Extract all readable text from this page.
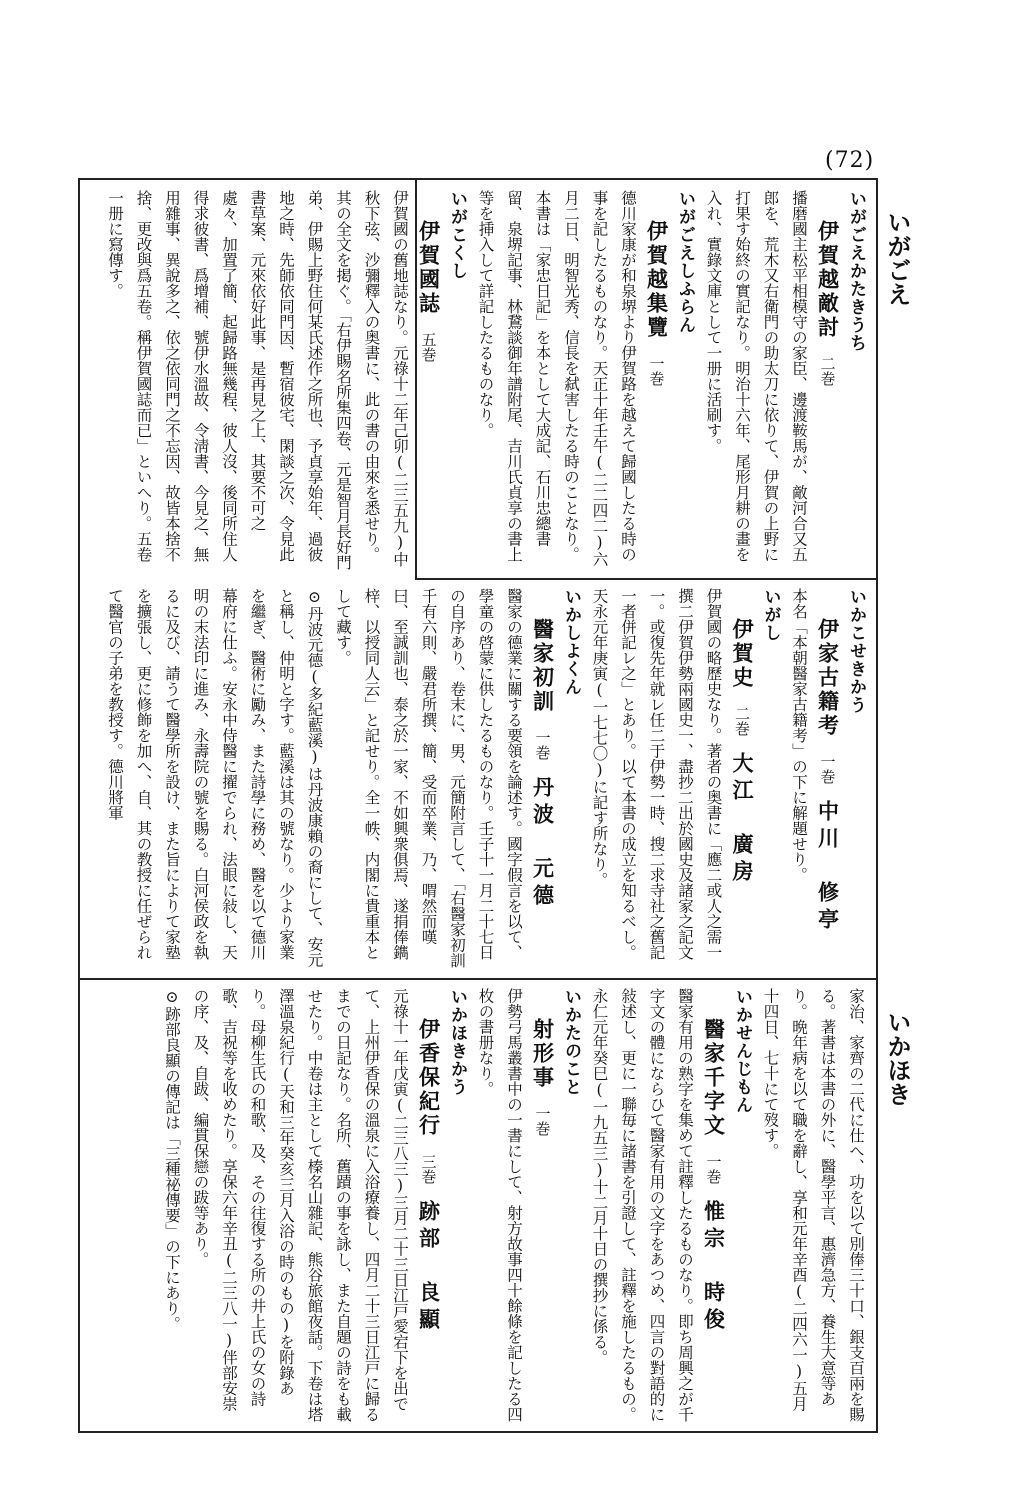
(72)
いがごえ
いかほき
いがごえかたきうち
伊賀越敵討二巻
播磨國主松平相模守の家臣、邊渡鞍馬が、敵河合又五郎を、荒木又右衛門の助太刀に依りて、伊賀の上野に打果す始終の實記なり。明治十六年、尾形月耕の畫を入れ、實錄文庫として一册に活刷す。
いがごえしふらん
伊賀越集覽一巻
德川家康が和泉堺より伊賀路を越えて歸國したる時の事を記したるものなり。天正十年壬午(二二四二)六月二日、明智光秀、信長を弑害したる時のことなり。本書は「家忠日記」を本として大成記、石川忠總書留、泉堺記事、林鵞談御年譜附尾、吉川氏貞享の書上等を挿入して詳記したるものなり。
いがこくし
伊賀國誌五巻
伊賀國の舊地誌なり。元祿十二年己卯(二三五九)中秋下弦、沙彌釋入の奥書に、此の書の由來を悉せり。其の全文を掲ぐ。「右伊賜名所集四卷、元是智月長好門弟、伊賜上野住何某氏述作之所也、予貞享始年、過彼地之時、先師依同門因、暫宿彼宅、閑談之次、令見此書草案、元來依好此事、是再見之上、其要不可之處々、加置了簡、起歸路無幾程、彼人沒、後同所住人得求彼書、爲增補、號伊水溫故、令淸書、今見之、無用雜事、異說多之、依之依同門之不忘因、故皆本捨不捨、更改與爲五卷。稱伊賀國誌而已」といへり。五卷一册に寫傳す。
いかこせきかう
伊家古籍考一巻中川　修亭
本名「本朝醫家古籍考」の下に解題せり。
いがし
伊賀史二巻大江　廣房
伊賀國の略歷史なり。著者の奥書に「應二或人之需一撰二伊賀伊勢兩國史一、盡抄二出於國史及諸家之記文一。或復先年就レ任二于伊勢一時、搜二求寺社之舊記一者併記レ之」とあり。以て本書の成立を知るべし。天永元年庚寅(一七七〇)に記す所なり。
いかしよくん
醫家初訓一巻丹波　元德
醫家の德業に關する要領を論述す。國字假言を以て、學童の啓蒙に供したるものなり。壬子十一月二十七日の自序あり、卷末に、男、元簡附言して、「右醫家初訓千有六則、嚴君所撰、簡、受而卒業、乃、喟然而嘆曰、至誠訓也、泰之於一家、不如興衆俱焉、遂捐俸鐫梓、以授同人云」と記せり。全一帙、内閣に貴重本として藏す。
⊙丹波元德(多紀藍溪)は丹波康賴の裔にして、安元と稱し、仲明と字す。藍溪は其の號なり。少より家業を繼ぎ、醫術に勵み、また詩學に務め、醫を以て德川幕府に仕ふ。安永中侍醫に擢でられ、法眼に敍し、天明の末法印に進み、永壽院の號を賜る。白河侯政を執るに及び、請うて醫學所を設け、また旨によりて家塾を擴張し、更に修飾を加へ、自、其の教授に任ぜられて醫官の子弟を教授す。德川將軍
家治、家齊の二代に仕へ、功を以て別俸三十口、銀支百兩を賜る。著書は本書の外に、醫學平言、惠濟急方、養生大意等あり。晩年病を以て職を辭し、享和元年辛酉(二四六一)五月十四日、七十にて歿す。
いかせんじもん
醫家千字文一巻惟宗　時俊
醫家有用の熟字を集めて註釋したるものなり。即ち周興之が千字文の體にならひて醫家有用の文字をあつめ、四言の對語的に敍述し、更に一聯毎に諸書を引證して、註釋を施したるもの。永仁元年癸巳(一九五三)十二月十日の撰抄に係る。
いかたのこと
射形事一巻
伊勢弓馬叢書中の一書にして、射方故事四十餘條を記したる四枚の書册なり。
いかほきかう
伊香保紀行三巻跡部　良顯
元祿十一年戊寅(二三八三)三月二十三日江戸愛宕下を出でて、上州伊香保の溫泉に入浴療養し、四月二十三日江戸に歸るまでの日記なり。名所、舊蹟の事を詠し、また自題の詩をも載せたり。中卷は主として榛名山雜記、熊谷旅館夜話。下卷は塔澤溫泉紀行(天和三年癸亥三月入浴の時のもの)を附錄あり。母柳生氏の和歌、及、その往復する所の井上氏の女の詩歌、吉祝等を收めたり。享保六年辛丑(二三八一)伴部安崇の序、及、自跋、編貫保戀の跋等あり。
⊙跡部良顯の傳記は「三種祕傳要」の下にあり。
